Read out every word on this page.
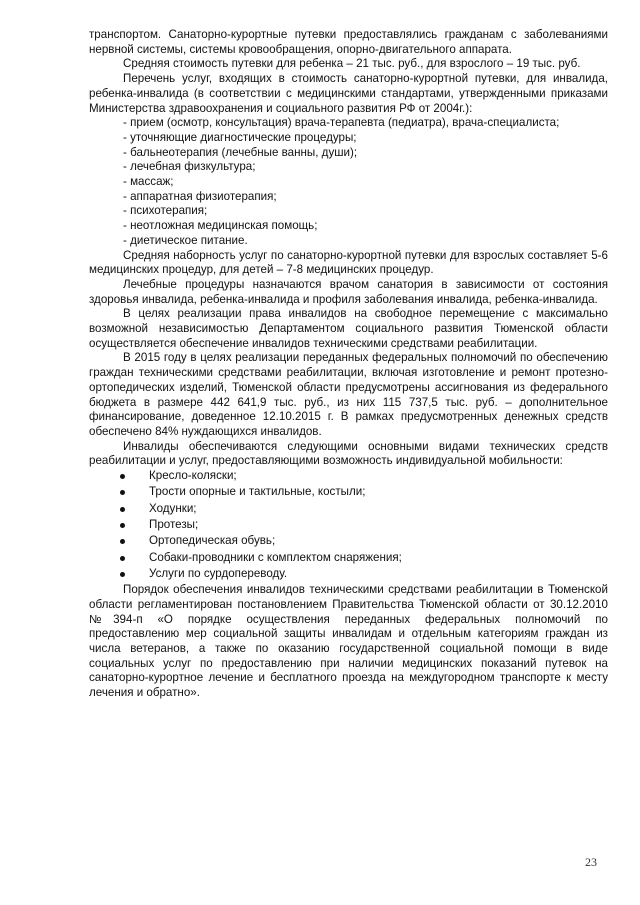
транспортом. Санаторно-курортные путевки предоставлялись гражданам с заболеваниями нервной системы, системы кровообращения, опорно-двигательного аппарата.

Средняя стоимость путевки для ребенка – 21 тыс. руб., для взрослого – 19 тыс. руб.

Перечень услуг, входящих в стоимость санаторно-курортной путевки, для инвалида, ребенка-инвалида (в соответствии с медицинскими стандартами, утвержденными приказами Министерства здравоохранения и социального развития РФ от 2004г.):

- прием (осмотр, консультация) врача-терапевта (педиатра), врача-специалиста;

- уточняющие диагностические процедуры;

- бальнеотерапия (лечебные ванны, души);

- лечебная физкультура;

- массаж;

- аппаратная физиотерапия;

- психотерапия;

- неотложная медицинская помощь;

- диетическое питание.

Средняя наборность услуг по санаторно-курортной путевки для взрослых составляет 5-6 медицинских процедур, для детей – 7-8 медицинских процедур.

Лечебные процедуры назначаются врачом санатория в зависимости от состояния здоровья инвалида, ребенка-инвалида и профиля заболевания инвалида, ребенка-инвалида.

В целях реализации права инвалидов на свободное перемещение с максимально возможной независимостью Департаментом социального развития Тюменской области осуществляется обеспечение инвалидов техническими средствами реабилитации.

В 2015 году в целях реализации переданных федеральных полномочий по обеспечению граждан техническими средствами реабилитации, включая изготовление и ремонт протезно-ортопедических изделий, Тюменской области предусмотрены ассигнования из федерального бюджета в размере 442 641,9 тыс. руб., из них 115 737,5 тыс. руб. – дополнительное финансирование, доведенное 12.10.2015 г. В рамках предусмотренных денежных средств обеспечено 84% нуждающихся инвалидов.

Инвалиды обеспечиваются следующими основными видами технических средств реабилитации и услуг, предоставляющими возможность индивидуальной мобильности:

Кресло-коляски;
Трости опорные и тактильные, костыли;
Ходунки;
Протезы;
Ортопедическая обувь;
Собаки-проводники с комплектом снаряжения;
Услуги по сурдопереводу.

Порядок обеспечения инвалидов техническими средствами реабилитации в Тюменской области регламентирован постановлением Правительства Тюменской области от 30.12.2010 №394-п «О порядке осуществления переданных федеральных полномочий по предоставлению мер социальной защиты инвалидам и отдельным категориям граждан из числа ветеранов, а также по оказанию государственной социальной помощи в виде социальных услуг по предоставлению при наличии медицинских показаний путевок на санаторно-курортное лечение и бесплатного проезда на междугородном транспорте к месту лечения и обратно».

23
